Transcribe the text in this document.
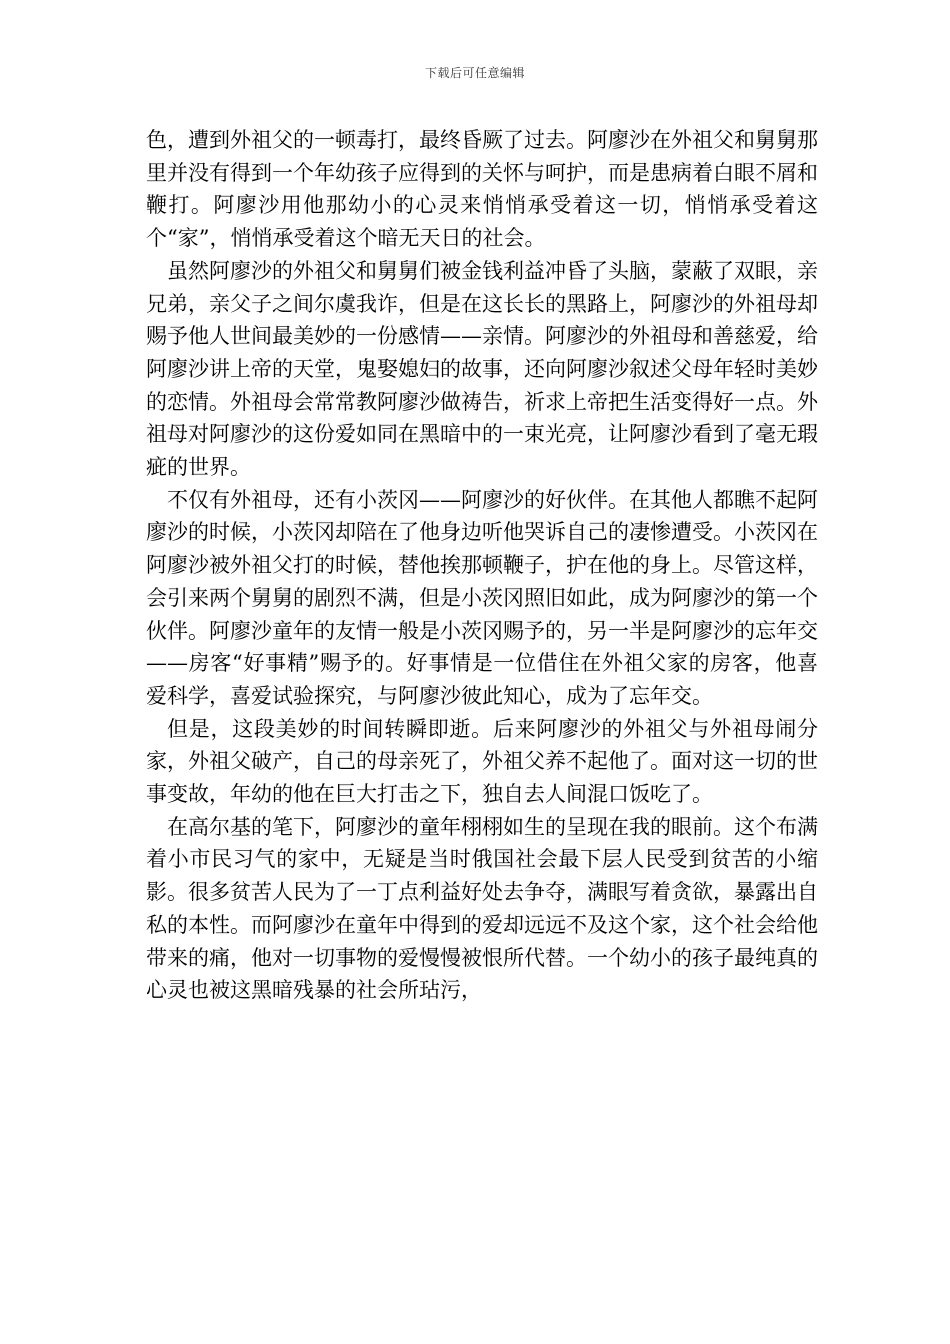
下载后可任意编辑

色，遭到外祖父的一顿毒打，最终昏厥了过去。阿廖沙在外祖父和舅舅那里并没有得到一个年幼孩子应得到的关怀与呵护，而是患病着白眼不屑和鞭打。阿廖沙用他那幼小的心灵来悄悄承受着这一切，悄悄承受着这个“家”，悄悄承受着这个暗无天日的社会。

虽然阿廖沙的外祖父和舅舅们被金钱利益冲昏了头脑，蒙蔽了双眼，亲兄弟，亲父子之间尔虞我诈，但是在这长长的黑路上，阿廖沙的外祖母却赐予他人世间最美妙的一份感情——亲情。阿廖沙的外祖母和善慈爱，给阿廖沙讲上帝的天堂，鬼娶媳妇的故事，还向阿廖沙叙述父母年轻时美妙的恋情。外祖母会常常教阿廖沙做祷告，祈求上帝把生活变得好一点。外祖母对阿廖沙的这份爱如同在黑暗中的一束光亮，让阿廖沙看到了毫无瑕疵的世界。

不仅有外祖母，还有小茨冈——阿廖沙的好伙伴。在其他人都瞧不起阿廖沙的时候，小茨冈却陪在了他身边听他哭诉自己的凄惨遭受。小茨冈在阿廖沙被外祖父打的时候，替他挨那顿鞭子，护在他的身上。尽管这样，会引来两个舅舅的剧烈不满，但是小茨冈照旧如此，成为阿廖沙的第一个伙伴。阿廖沙童年的友情一般是小茨冈赐予的，另一半是阿廖沙的忘年交——房客“好事精”赐予的。好事情是一位借住在外祖父家的房客，他喜爱科学，喜爱试验探究，与阿廖沙彼此知心，成为了忘年交。

但是，这段美妙的时间转瞬即逝。后来阿廖沙的外祖父与外祖母闹分家，外祖父破产，自己的母亲死了，外祖父养不起他了。面对这一切的世事变故，年幼的他在巨大打击之下，独自去人间混口饭吃了。

在高尔基的笔下，阿廖沙的童年栩栩如生的呈现在我的眼前。这个布满着小市民习气的家中，无疑是当时俄国社会最下层人民受到贫苦的小缩影。很多贫苦人民为了一丁点利益好处去争夺，满眼写着贪欲，暴露出自私的本性。而阿廖沙在童年中得到的爱却远远不及这个家，这个社会给他带来的痛，他对一切事物的爱慢慢被恨所代替。一个幼小的孩子最纯真的心灵也被这黑暗残暴的社会所玷污，
